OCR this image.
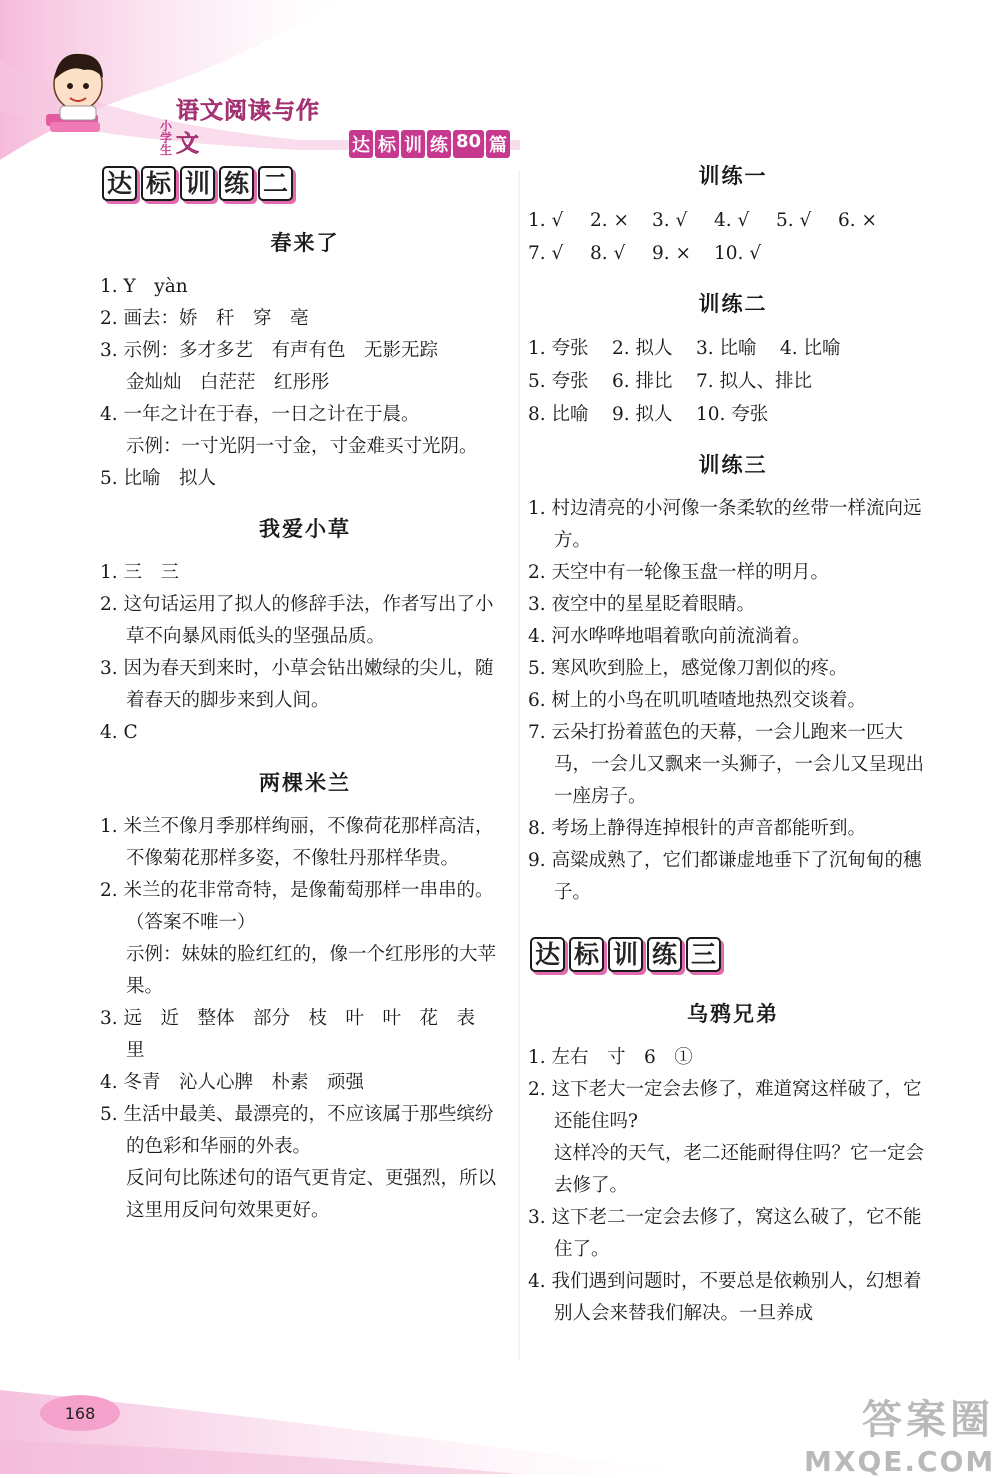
小
学
生
语文阅读与作文	达 标 训 练 80 篇
达 标 训 练 二
春来了
1. Y　yàn
2. 画去：娇　秆　穿　亳
3. 示例：多才多艺　有声有色　无影无踪
金灿灿　白茫茫　红彤彤
4. 一年之计在于春，一日之计在于晨。
示例：一寸光阴一寸金，寸金难买寸光阴。
5. 比喻　拟人
我爱小草
1. 三　三
2. 这句话运用了拟人的修辞手法，作者写出了小草不向暴风雨低头的坚强品质。
3. 因为春天到来时，小草会钻出嫩绿的尖儿，随着春天的脚步来到人间。
4. C
两棵米兰
1. 米兰不像月季那样绚丽，不像荷花那样高洁，不像菊花那样多姿，不像牡丹那样华贵。
2. 米兰的花非常奇特，是像葡萄那样一串串的。（答案不唯一）
示例：妹妹的脸红红的，像一个红彤彤的大苹果。
3. 远　近　整体　部分　枝　叶　叶　花　表　里
4. 冬青　沁人心脾　朴素　顽强
5. 生活中最美、最漂亮的，不应该属于那些缤纷的色彩和华丽的外表。
反问句比陈述句的语气更肯定、更强烈，所以这里用反问句效果更好。
训练一
1. √	2. ×	3. √	4. √	5. √	6. ×
7. √	8. √	9. ×	10. √
训练二
1. 夸张	2. 拟人	3. 比喻	4. 比喻
5. 夸张	6. 排比	7. 拟人、排比
8. 比喻	9. 拟人	10. 夸张
训练三
1. 村边清亮的小河像一条柔软的丝带一样流向远方。
2. 天空中有一轮像玉盘一样的明月。
3. 夜空中的星星眨着眼睛。
4. 河水哗哗地唱着歌向前流淌着。
5. 寒风吹到脸上，感觉像刀割似的疼。
6. 树上的小鸟在叽叽喳喳地热烈交谈着。
7. 云朵打扮着蓝色的天幕，一会儿跑来一匹大马，一会儿又飘来一头狮子，一会儿又呈现出一座房子。
8. 考场上静得连掉根针的声音都能听到。
9. 高粱成熟了，它们都谦虚地垂下了沉甸甸的穗子。
达 标 训 练 三
乌鸦兄弟
1. 左右　寸　6　①
2. 这下老大一定会去修了，难道窝这样破了，它还能住吗?
这样冷的天气，老二还能耐得住吗？它一定会去修了。
3. 这下老二一定会去修了，窝这么破了，它不能住了。
4. 我们遇到问题时，不要总是依赖别人，幻想着别人会来替我们解决。一旦养成
168	答案圈
MXQE.COM
